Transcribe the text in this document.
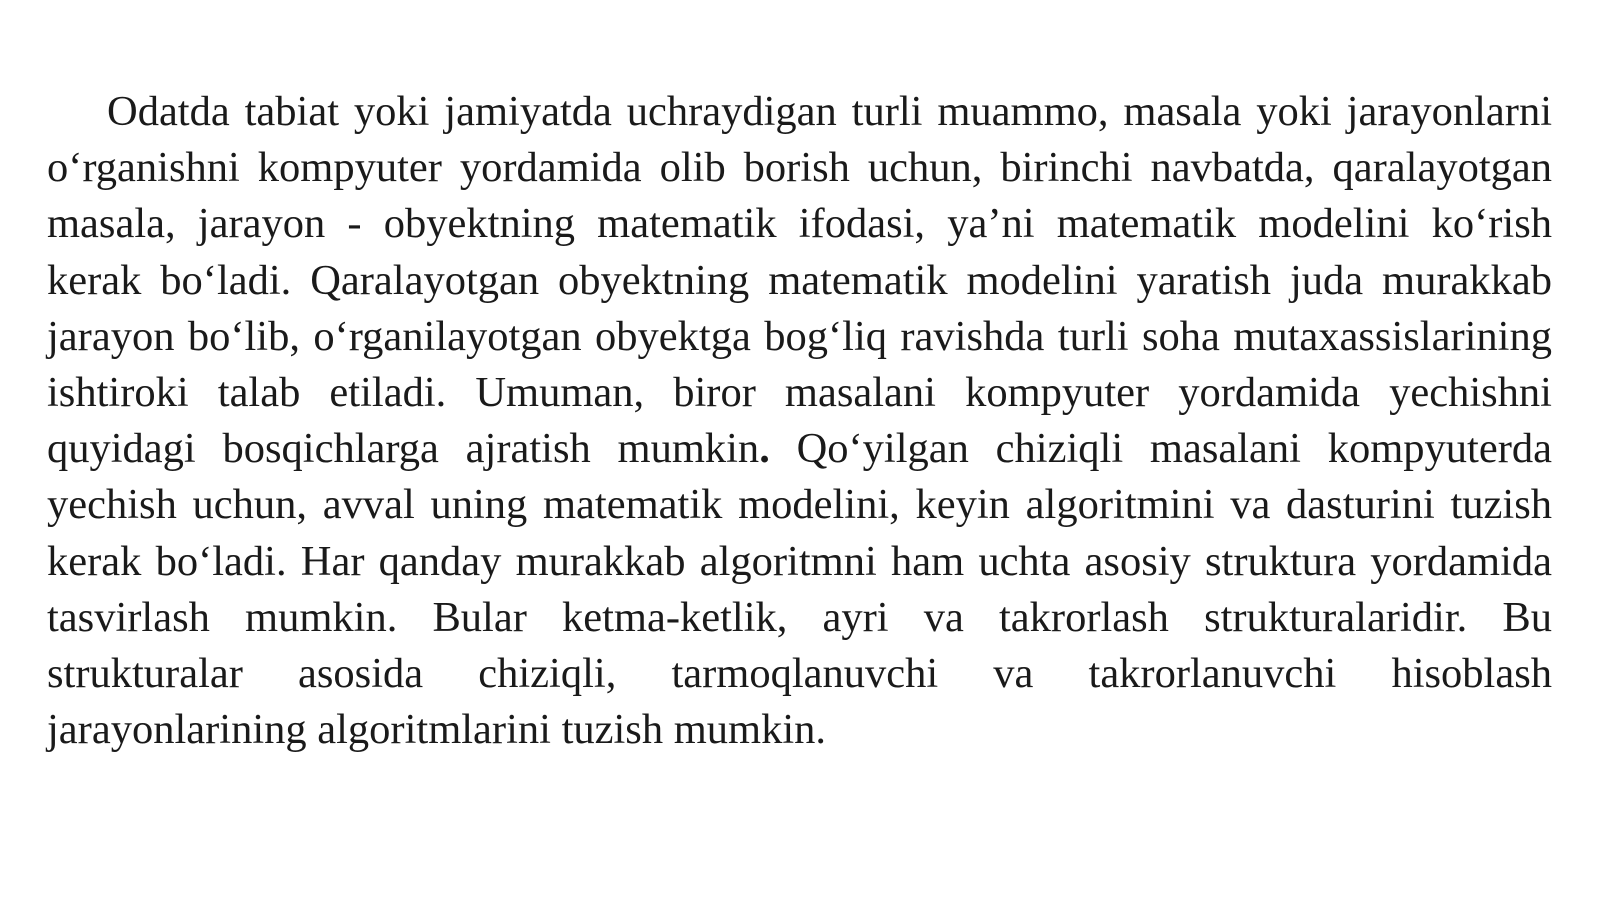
Odatda tabiat yoki jamiyatda uchraydigan turli muammo, masala yoki jarayonlarni o‘rganishni kompyuter yordamida olib borish uchun, birinchi navbatda, qaralayotgan masala, jarayon - obyektning matematik ifodasi, ya’ni matematik modelini ko‘rish kerak bo‘ladi. Qaralayotgan obyektning matematik modelini yaratish juda murakkab jarayon bo‘lib, o‘rganilayotgan obyektga bog‘liq ravishda turli soha mutaxassislarining ishtiroki talab etiladi. Umuman, biror masalani kompyuter yordamida yechishni quyidagi bosqichlarga ajratish mumkin. Qo‘yilgan chiziqli masalani kompyuterda yechish uchun, avval uning matematik modelini, keyin algoritmini va dasturini tuzish kerak bo‘ladi. Har qanday murakkab algoritmni ham uchta asosiy struktura yordamida tasvirlash mumkin. Bular ketma-ketlik, ayri va takrorlash strukturalaridir. Bu strukturalar asosida chiziqli, tarmoqlanuvchi va takrorlanuvchi hisoblash jarayonlarining algoritmlarini tuzish mumkin.
